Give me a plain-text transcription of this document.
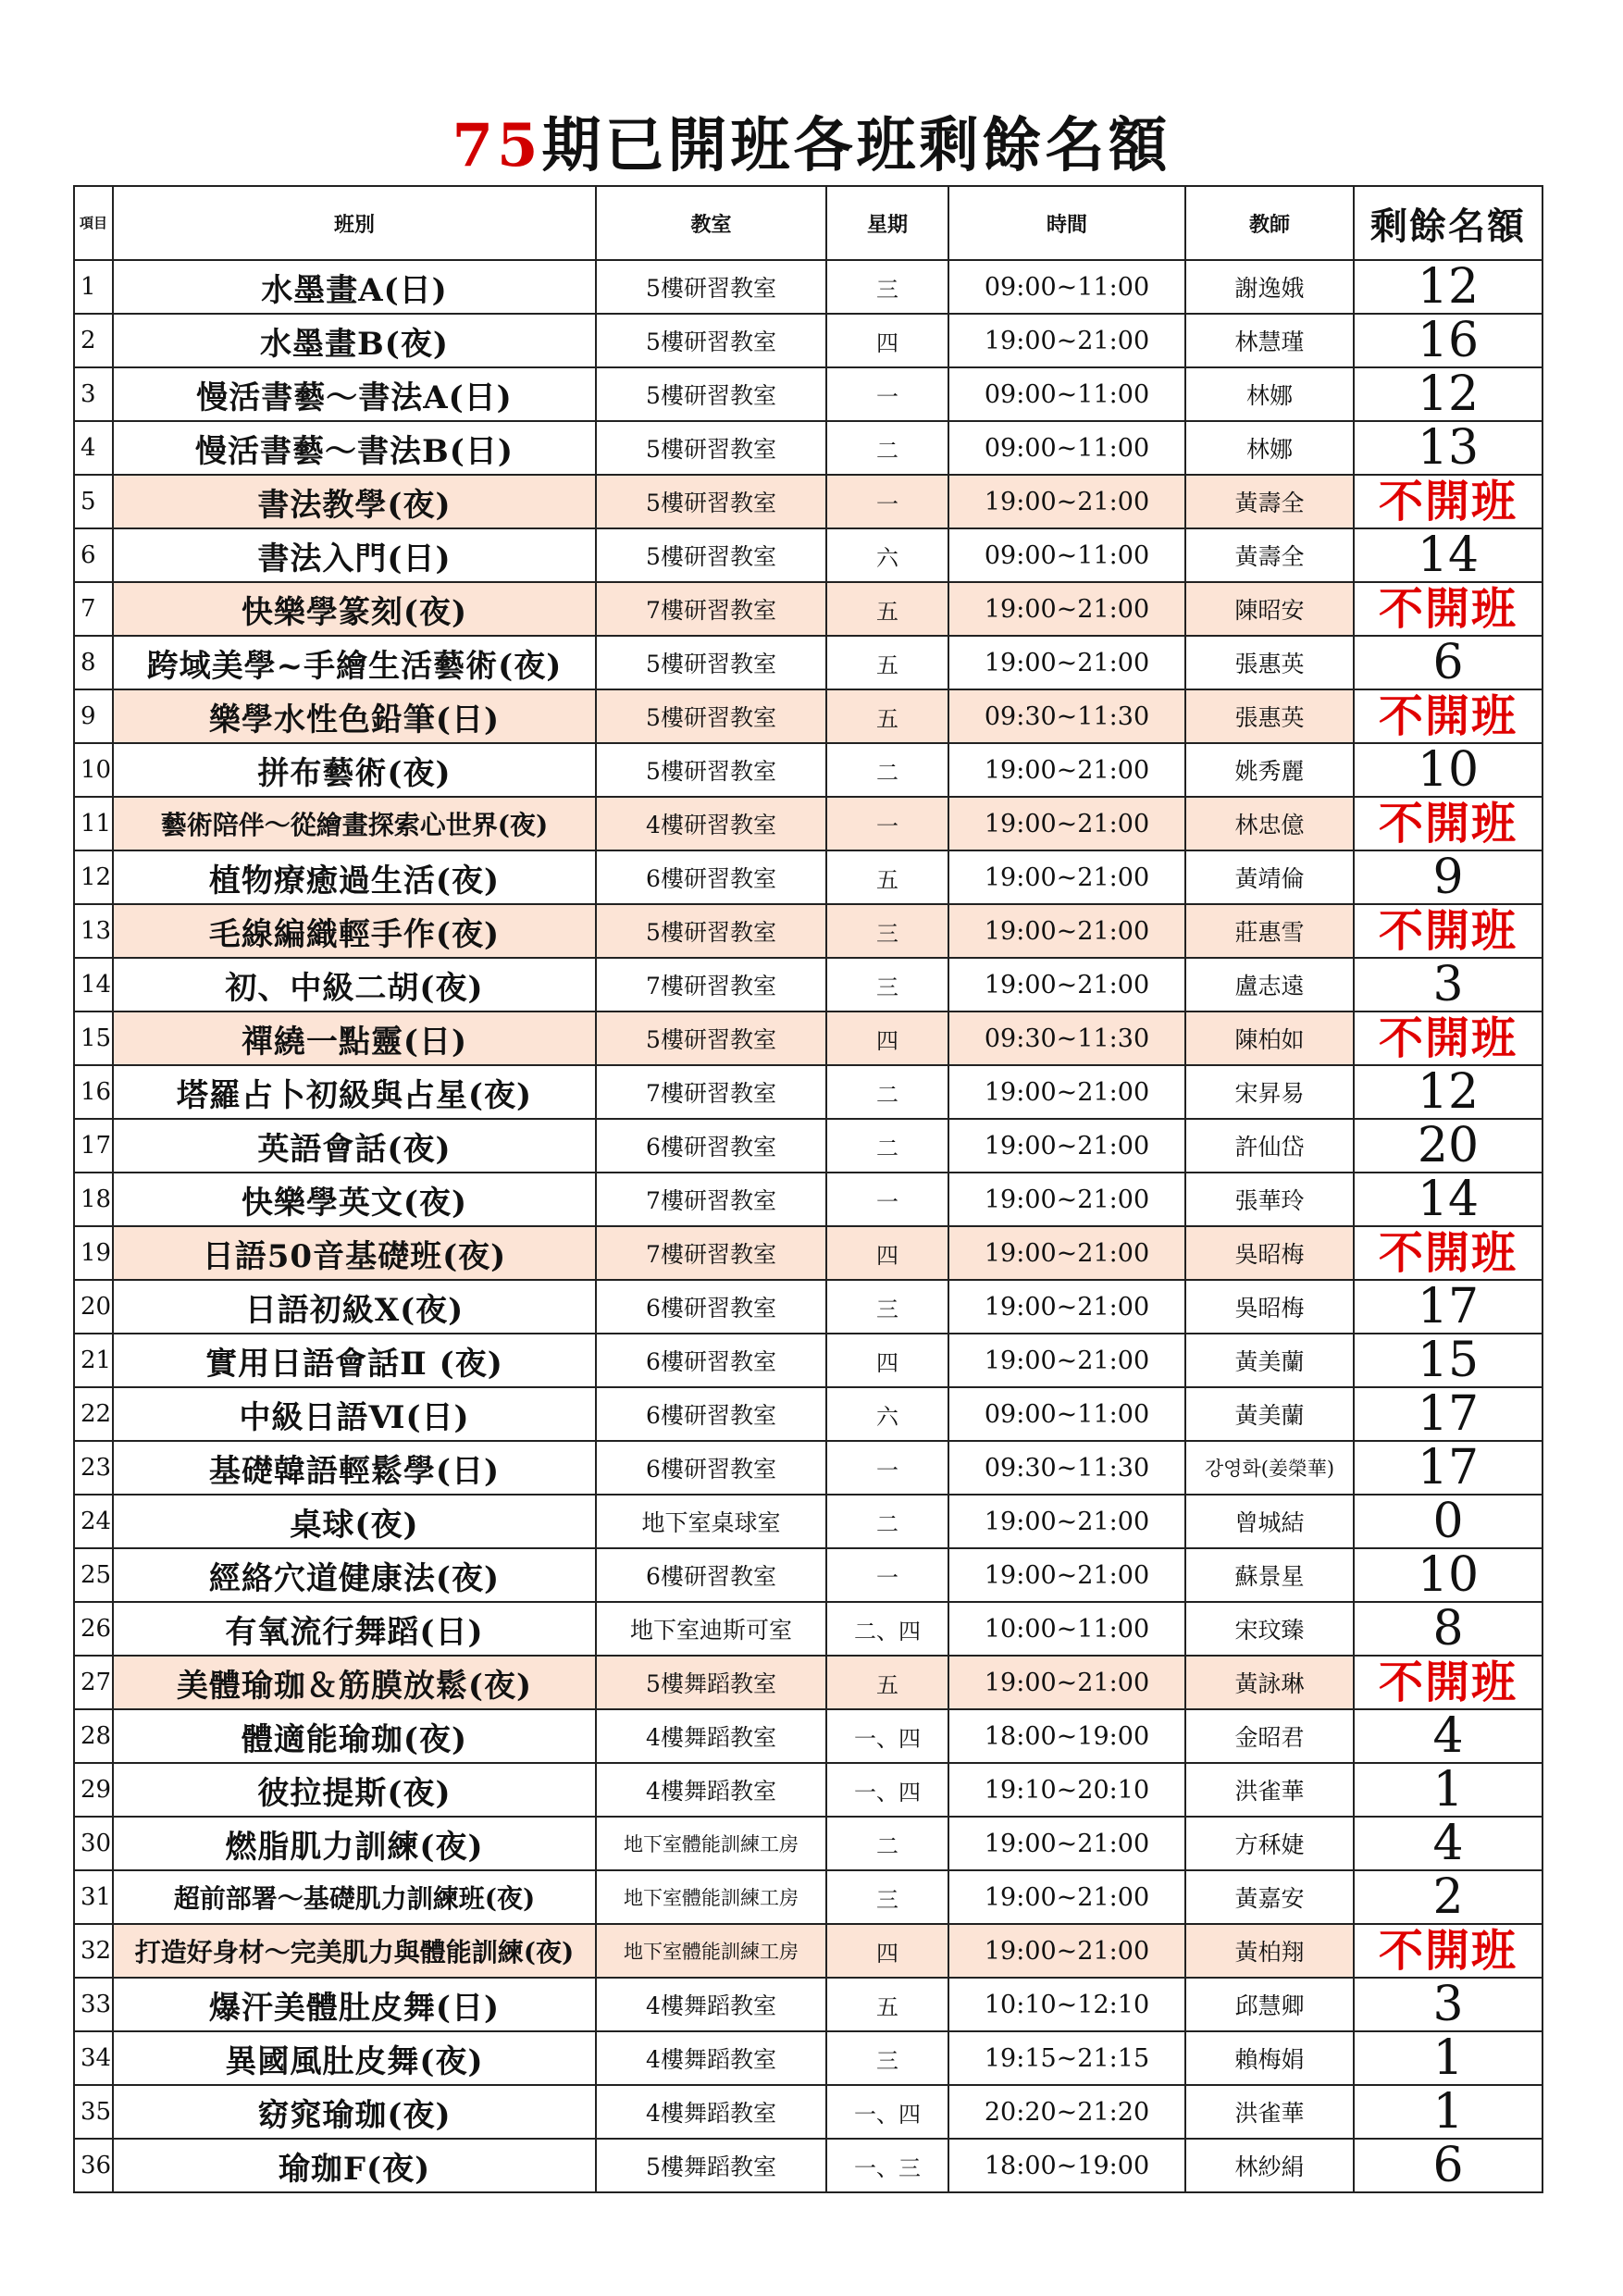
75期已開班各班剩餘名額
項目	班別	教室	星期	時間	教師	剩餘名額
1	水墨畫A(日)	5樓研習教室	三	09:00~11:00	謝逸娥	12
2	水墨畫B(夜)	5樓研習教室	四	19:00~21:00	林慧瑾	16
3	慢活書藝～書法A(日)	5樓研習教室	一	09:00~11:00	林娜	12
4	慢活書藝～書法B(日)	5樓研習教室	二	09:00~11:00	林娜	13
5	書法教學(夜)	5樓研習教室	一	19:00~21:00	黃壽全	不開班
6	書法入門(日)	5樓研習教室	六	09:00~11:00	黃壽全	14
7	快樂學篆刻(夜)	7樓研習教室	五	19:00~21:00	陳昭安	不開班
8	跨域美學~手繪生活藝術(夜)	5樓研習教室	五	19:00~21:00	張惠英	6
9	樂學水性色鉛筆(日)	5樓研習教室	五	09:30~11:30	張惠英	不開班
10	拼布藝術(夜)	5樓研習教室	二	19:00~21:00	姚秀麗	10
11	藝術陪伴～從繪畫探索心世界(夜)	4樓研習教室	一	19:00~21:00	林忠億	不開班
12	植物療癒過生活(夜)	6樓研習教室	五	19:00~21:00	黃靖倫	9
13	毛線編織輕手作(夜)	5樓研習教室	三	19:00~21:00	莊惠雪	不開班
14	初、中級二胡(夜)	7樓研習教室	三	19:00~21:00	盧志遠	3
15	禪繞一點靈(日)	5樓研習教室	四	09:30~11:30	陳柏如	不開班
16	塔羅占卜初級與占星(夜)	7樓研習教室	二	19:00~21:00	宋昇易	12
17	英語會話(夜)	6樓研習教室	二	19:00~21:00	許仙岱	20
18	快樂學英文(夜)	7樓研習教室	一	19:00~21:00	張華玲	14
19	日語50音基礎班(夜)	7樓研習教室	四	19:00~21:00	吳昭梅	不開班
20	日語初級X(夜)	6樓研習教室	三	19:00~21:00	吳昭梅	17
21	實用日語會話Ⅱ (夜)	6樓研習教室	四	19:00~21:00	黃美蘭	15
22	中級日語Ⅵ(日)	6樓研習教室	六	09:00~11:00	黃美蘭	17
23	基礎韓語輕鬆學(日)	6樓研習教室	一	09:30~11:30	강영화(姜榮華)	17
24	桌球(夜)	地下室桌球室	二	19:00~21:00	曾城結	0
25	經絡穴道健康法(夜)	6樓研習教室	一	19:00~21:00	蘇景星	10
26	有氧流行舞蹈(日)	地下室迪斯可室	二、四	10:00~11:00	宋玟臻	8
27	美體瑜珈＆筋膜放鬆(夜)	5樓舞蹈教室	五	19:00~21:00	黃詠琳	不開班
28	體適能瑜珈(夜)	4樓舞蹈教室	一、四	18:00~19:00	金昭君	4
29	彼拉提斯(夜)	4樓舞蹈教室	一、四	19:10~20:10	洪雀華	1
30	燃脂肌力訓練(夜)	地下室體能訓練工房	二	19:00~21:00	方秝婕	4
31	超前部署～基礎肌力訓練班(夜)	地下室體能訓練工房	三	19:00~21:00	黃嘉安	2
32	打造好身材～完美肌力與體能訓練(夜)	地下室體能訓練工房	四	19:00~21:00	黃柏翔	不開班
33	爆汗美體肚皮舞(日)	4樓舞蹈教室	五	10:10~12:10	邱慧卿	3
34	異國風肚皮舞(夜)	4樓舞蹈教室	三	19:15~21:15	賴梅娟	1
35	窈窕瑜珈(夜)	4樓舞蹈教室	一、四	20:20~21:20	洪雀華	1
36	瑜珈F(夜)	5樓舞蹈教室	一、三	18:00~19:00	林紗絹	6
